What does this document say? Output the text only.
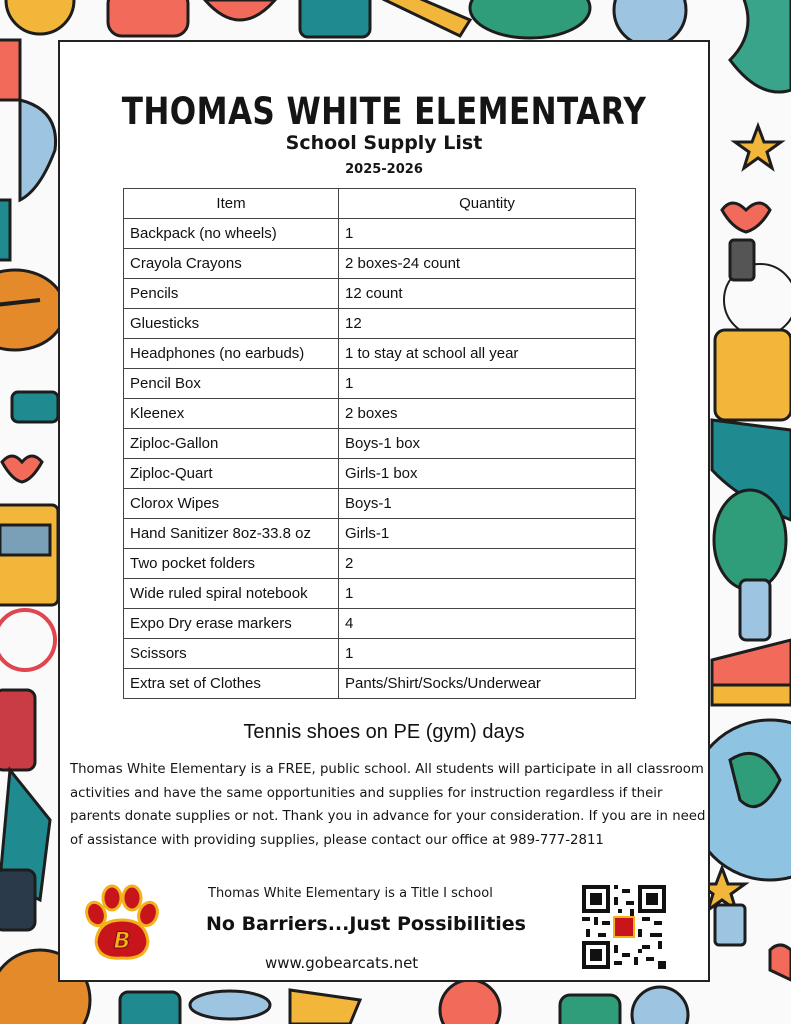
THOMAS WHITE ELEMENTARY
School Supply List
2025-2026
Item	Quantity
Backpack (no wheels)	1
Crayola Crayons	2 boxes-24 count
Pencils	12 count
Gluesticks	12
Headphones (no earbuds)	1 to stay at school all year
Pencil Box	1
Kleenex	2 boxes
Ziploc-Gallon	Boys-1 box
Ziploc-Quart	Girls-1 box
Clorox Wipes	Boys-1
Hand Sanitizer 8oz-33.8 oz	Girls-1
Two pocket folders	2
Wide ruled spiral notebook	1
Expo Dry erase markers	4
Scissors	1
Extra set of Clothes	Pants/Shirt/Socks/Underwear
Tennis shoes on PE (gym) days
Thomas White Elementary is a FREE, public school. All students will participate in all classroom activities and have the same opportunities and supplies for instruction regardless if their parents donate supplies or not. Thank you in advance for your consideration. If you are in need of assistance with providing supplies, please contact our office at 989-777-2811
B
Thomas White Elementary is a Title I school
No Barriers...Just Possibilities
www.gobearcats.net
